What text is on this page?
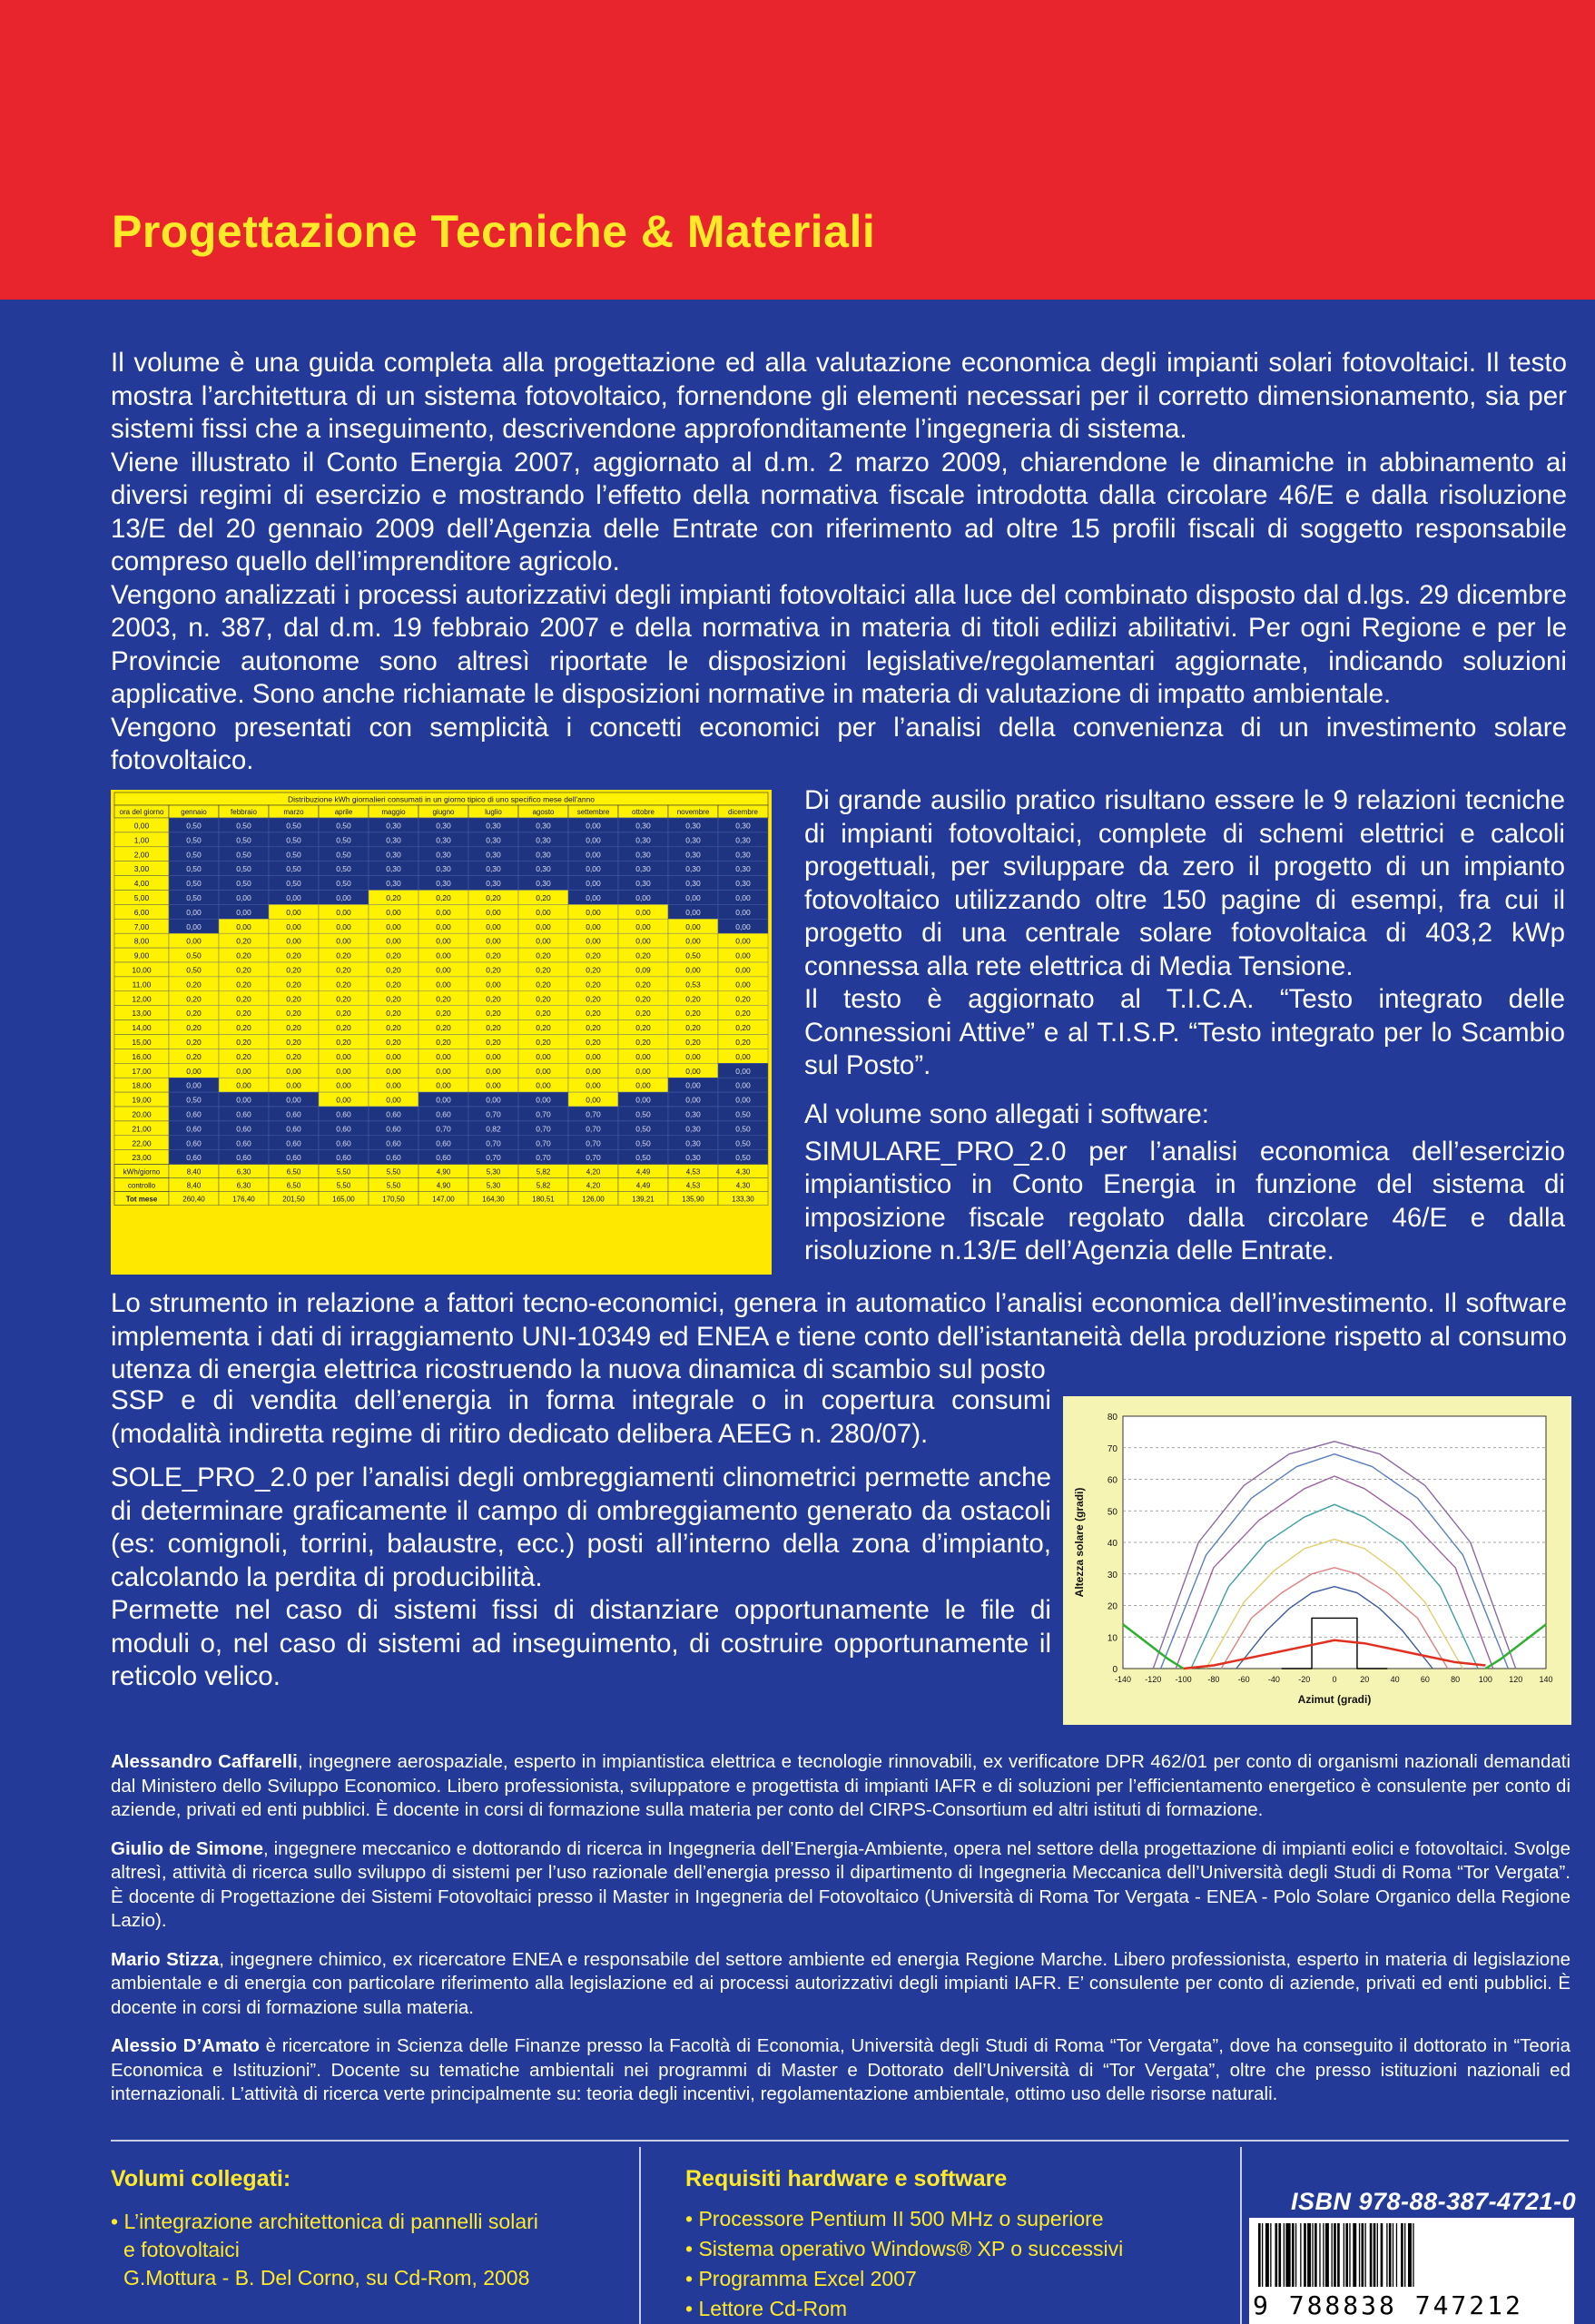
Progettazione Tecniche & Materiali

Il volume è una guida completa alla progettazione ed alla valutazione economica degli impianti solari fotovoltaici. Il testo mostra l’architettura di un sistema fotovoltaico, fornendone gli elementi necessari per il corretto dimensionamento, sia per sistemi fissi che a inseguimento, descrivendone approfonditamente l’ingegneria di sistema.

Viene illustrato il Conto Energia 2007, aggiornato al d.m. 2 marzo 2009, chiarendone le dinamiche in abbinamento ai diversi regimi di esercizio e mostrando l’effetto della normativa fiscale introdotta dalla circolare 46/E e dalla risoluzione 13/E del 20 gennaio 2009 dell’Agenzia delle Entrate con riferimento ad oltre 15 profili fiscali di soggetto responsabile compreso quello dell’imprenditore agricolo.

Vengono analizzati i processi autorizzativi degli impianti fotovoltaici alla luce del combinato disposto dal d.lgs. 29 dicembre 2003, n. 387, dal d.m. 19 febbraio 2007 e della normativa in materia di titoli edilizi abilitativi. Per ogni Regione e per le Provincie autonome sono altresì riportate le disposizioni legislative/regolamentari aggiornate, indicando soluzioni applicative. Sono anche richiamate le disposizioni normative in materia di valutazione di impatto ambientale.

Vengono presentati con semplicità i concetti economici per l’analisi della convenienza di un investimento solare fotovoltaico.

Distribuzione kWh giornalieri consumati in un giorno tipico di uno specifico mese dell'anno
ora del giorno gennaio	febbraio	marzo	aprile	maggio	giugno	luglio	agosto	settembre	ottobre	novembre	dicembre
0,00	0,50	0,50	0,50	0,50	0,30	0,30	0,30	0,30	0,00	0,30	0,30	0,30
1,00	0,50	0,50	0,50	0,50	0,30	0,30	0,30	0,30	0,00	0,30	0,30	0,30
2,00	0,50	0,50	0,50	0,50	0,30	0,30	0,30	0,30	0,00	0,30	0,30	0,30
3,00	0,50	0,50	0,50	0,50	0,30	0,30	0,30	0,30	0,00	0,30	0,30	0,30
4,00	0,50	0,50	0,50	0,50	0,30	0,30	0,30	0,30	0,00	0,30	0,30	0,30
5,00	0,50	0,00	0,00	0,00	0,20	0,20	0,20	0,20	0,00	0,00	0,00	0,00
6,00	0,00	0,00	0,00	0,00	0,00	0,00	0,00	0,00	0,00	0,00	0,00	0,00
7,00	0,00	0,00	0,00	0,00	0,00	0,00	0,00	0,00	0,00	0,00	0,00	0,00
8,00	0,00	0,20	0,00	0,00	0,00	0,00	0,00	0,00	0,00	0,00	0,00	0,00
9,00	0,50	0,20	0,20	0,20	0,20	0,00	0,20	0,20	0,20	0,20	0,50	0,00
10,00	0,50	0,20	0,20	0,20	0,20	0,00	0,20	0,20	0,20	0,09	0,00	0,00
11,00	0,20	0,20	0,20	0,20	0,20	0,00	0,00	0,20	0,20	0,20	0,53	0,00
12,00	0,20	0,20	0,20	0,20	0,20	0,20	0,20	0,20	0,20	0,20	0,20	0,20
13,00	0,20	0,20	0,20	0,20	0,20	0,20	0,20	0,20	0,20	0,20	0,20	0,20
14,00	0,20	0,20	0,20	0,20	0,20	0,20	0,20	0,20	0,20	0,20	0,20	0,20
15,00	0,20	0,20	0,20	0,20	0,20	0,20	0,20	0,20	0,20	0,20	0,20	0,20
16,00	0,20	0,20	0,20	0,00	0,00	0,00	0,00	0,00	0,00	0,00	0,00	0,00
17,00	0,00	0,00	0,00	0,00	0,00	0,00	0,00	0,00	0,00	0,00	0,00	0,00
18,00	0,00	0,00	0,00	0,00	0,00	0,00	0,00	0,00	0,00	0,00	0,00	0,00
19,00	0,50	0,00	0,00	0,00	0,00	0,00	0,00	0,00	0,00	0,00	0,00	0,00
20,00	0,60	0,60	0,60	0,60	0,60	0,60	0,70	0,70	0,70	0,50	0,30	0,50
21,00	0,60	0,60	0,60	0,60	0,60	0,70	0,82	0,70	0,70	0,50	0,30	0,50
22,00	0,60	0,60	0,60	0,60	0,60	0,60	0,70	0,70	0,70	0,50	0,30	0,50
23,00	0,60	0,60	0,60	0,60	0,60	0,60	0,70	0,70	0,70	0,50	0,30	0,50
kWh/giorno	8,40	6,30	6,50	5,50	5,50	4,90	5,30	5,82	4,20	4,49	4,53	4,30
controllo	8,40	6,30	6,50	5,50	5,50	4,90	5,30	5,82	4,20	4,49	4,53	4,30
Tot mese	260,40	176,40	201,50	165,00	170,50	147,00	164,30	180,51	126,00	139,21	135,90	133,30

Di grande ausilio pratico risultano essere le 9 relazioni tecniche di impianti fotovoltaici, complete di schemi elettrici e calcoli progettuali, per sviluppare da zero il progetto di un impianto fotovoltaico utilizzando oltre 150 pagine di esempi, fra cui il progetto di una centrale solare fotovoltaica di 403,2 kWp connessa alla rete elettrica di Media Tensione.

Il testo è aggiornato al T.I.C.A. “Testo integrato delle Connessioni Attive” e al T.I.S.P. “Testo integrato per lo Scambio sul Posto”.

Al volume sono allegati i software:

SIMULARE_PRO_2.0 per l’analisi economica dell’esercizio impiantistico in Conto Energia in funzione del sistema di imposizione fiscale regolato dalla circolare 46/E e dalla risoluzione n.13/E dell’Agenzia delle Entrate.

Lo strumento in relazione a fattori tecno-economici, genera in automatico l’analisi economica dell’investimento. Il software implementa i dati di irraggiamento UNI-10349 ed ENEA e tiene conto dell’istantaneità della produzione rispetto al consumo utenza di energia elettrica ricostruendo la nuova dinamica di scambio sul posto

SSP e di vendita dell’energia in forma integrale o in copertura consumi (modalità indiretta regime di ritiro dedicato delibera AEEG n. 280/07).

SOLE_PRO_2.0 per l’analisi degli ombreggiamenti clinometrici permette anche di determinare graficamente il campo di ombreggiamento generato da ostacoli (es: comignoli, torrini, balaustre, ecc.) posti all’interno della zona d’impianto, calcolando la perdita di producibilità.

Permette nel caso di sistemi fissi di distanziare opportunamente le file di moduli o, nel caso di sistemi ad inseguimento, di costruire opportunamente il reticolo velico.	0
10
20
30
40
50
60
70
80
-140 -120 -100 -80 -60 -40 -20	0	20	40	60	80 100 120 140
Azimut (gradi)
Altezza solare (gradi)

Alessandro Caffarelli, ingegnere aerospaziale, esperto in impiantistica elettrica e tecnologie rinnovabili, ex verificatore DPR 462/01 per conto di organismi nazionali demandati dal Ministero dello Sviluppo Economico. Libero professionista, sviluppatore e progettista di impianti IAFR e di soluzioni per l’efficientamento energetico è consulente per conto di aziende, privati ed enti pubblici. È docente in corsi di formazione sulla materia per conto del CIRPS-Consortium ed altri istituti di formazione.

Giulio de Simone, ingegnere meccanico e dottorando di ricerca in Ingegneria dell’Energia-Ambiente, opera nel settore della progettazione di impianti eolici e fotovoltaici. Svolge altresì, attività di ricerca sullo sviluppo di sistemi per l’uso razionale dell’energia presso il dipartimento di Ingegneria Meccanica dell’Università degli Studi di Roma “Tor Vergata”. È docente di Progettazione dei Sistemi Fotovoltaici presso il Master in Ingegneria del Fotovoltaico (Università di Roma Tor Vergata - ENEA - Polo Solare Organico della Regione Lazio).

Mario Stizza, ingegnere chimico, ex ricercatore ENEA e responsabile del settore ambiente ed energia Regione Marche. Libero professionista, esperto in materia di legislazione ambientale e di energia con particolare riferimento alla legislazione ed ai processi autorizzativi degli impianti IAFR. E’ consulente per conto di aziende, privati ed enti pubblici. È docente in corsi di formazione sulla materia.

Alessio D’Amato è ricercatore in Scienza delle Finanze presso la Facoltà di Economia, Università degli Studi di Roma “Tor Vergata”, dove ha conseguito il dottorato in “Teoria Economica e Istituzioni”. Docente su tematiche ambientali nei programmi di Master e Dottorato dell’Università di “Tor Vergata”, oltre che presso istituzioni nazionali ed internazionali. L’attività di ricerca verte principalmente su: teoria degli incentivi, regolamentazione ambientale, ottimo uso delle risorse naturali.

Volumi collegati:
• L’integrazione architettonica di pannelli solari
e fotovoltaici
G.Mottura - B. Del Corno, su Cd-Rom, 2008
Requisiti hardware e software
• Processore Pentium II 500 MHz o superiore
• Sistema operativo Windows® XP o successivi
• Programma Excel 2007
• Lettore Cd-Rom
ISBN 978-88-387-4721-0
9 788838 747212
